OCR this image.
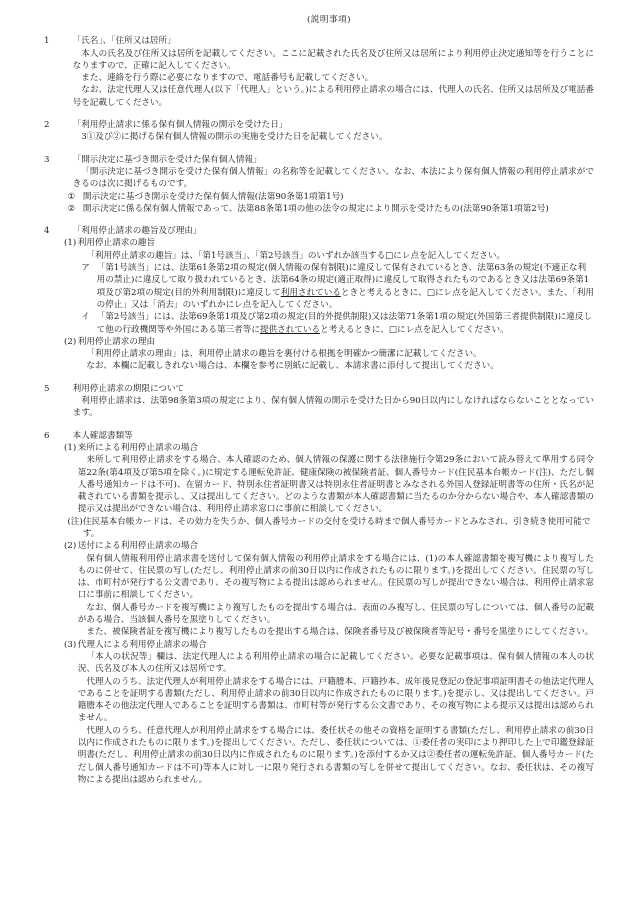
(説明事項)
1	「氏名」、「住所又は居所」

本人の氏名及び住所又は居所を記載してください。ここに記載された氏名及び住所又は居所により利用停止決定通知等を行うことになりますので、正確に記入してください。

また、連絡を行う際に必要になりますので、電話番号も記載してください。

なお、法定代理人又は任意代理人(以下「代理人」という。)による利用停止請求の場合には、代理人の氏名、住所又は居所及び電話番号を記載してください。

2	「利用停止請求に係る保有個人情報の開示を受けた日」

3①及び②に掲げる保有個人情報の開示の実施を受けた日を記載してください。

3	「開示決定に基づき開示を受けた保有個人情報」

「開示決定に基づき開示を受けた保有個人情報」の名称等を記載してください。なお、本法により保有個人情報の利用停止請求ができるのは次に掲げるものです。

① 開示決定に基づき開示を受けた保有個人情報(法第90条第1項第1号)
② 開示決定に係る保有個人情報であって、法第88条第1項の他の法令の規定により開示を受けたもの(法第90条第1項第2号)
4	「利用停止請求の趣旨及び理由」
(1) 利用停止請求の趣旨

「利用停止請求の趣旨」は、「第1号該当」、「第2号該当」のいずれか該当する□にレ点を記入してください。

ア 「第1号該当」には、法第61条第2項の規定(個人情報の保有制限)に違反して保有されているとき、法第63条の規定(不適正な利用の禁止)に違反して取り扱われているとき、法第64条の規定(適正取得)に違反して取得されたものであるとき又は法第69条第1項及び第2項の規定(目的外利用制限)に違反して利用されているときと考えるときに、□にレ点を記入してください。また、「利用の停止」又は「消去」のいずれかにレ点を記入してください。
イ 「第2号該当」には、法第69条第1項及び第2項の規定(目的外提供制限)又は法第71条第1項の規定(外国第三者提供制限)に違反して他の行政機関等や外国にある第三者等に提供されていると考えるときに、□にレ点を記入してください。
(2) 利用停止請求の理由

「利用停止請求の理由」は、利用停止請求の趣旨を裏付ける根拠を明確かつ簡潔に記載してください。

なお、本欄に記載しきれない場合は、本欄を参考に別紙に記載し、本請求書に添付して提出してください。

5	利用停止請求の期限について

利用停止請求は、法第98条第3項の規定により、保有個人情報の開示を受けた日から90日以内にしなければならないこととなっています。

6	本人確認書類等
(1) 来所による利用停止請求の場合

来所して利用停止請求をする場合、本人確認のため、個人情報の保護に関する法律施行令第29条において読み替えて準用する同令第22条(第4項及び第5項を除く。)に規定する運転免許証、健康保険の被保険者証、個人番号カード(住民基本台帳カード(注)、ただし個人番号通知カードは不可)、在留カード、特別永住者証明書又は特別永住者証明書とみなされる外国人登録証明書等の住所・氏名が記載されている書類を提示し、又は提出してください。どのような書類が本人確認書類に当たるのか分からない場合や、本人確認書類の提示又は提出ができない場合は、利用停止請求窓口に事前に相談してください。

(注) 住民基本台帳カードは、その効力を失うか、個人番号カードの交付を受ける時まで個人番号カードとみなされ、引き続き使用可能です。
(2) 送付による利用停止請求の場合

保有個人情報利用停止請求書を送付して保有個人情報の利用停止請求をする場合には、(1)の本人確認書類を複写機により複写したものに併せて、住民票の写し(ただし、利用停止請求の前30日以内に作成されたものに限ります。)を提出してください。住民票の写しは、市町村が発行する公文書であり、その複写物による提出は認められません。住民票の写しが提出できない場合は、利用停止請求窓口に事前に相談してください。

なお、個人番号カードを複写機により複写したものを提出する場合は、表面のみ複写し、住民票の写しについては、個人番号の記載がある場合、当該個人番号を黒塗りしてください。

また、被保険者証を複写機により複写したものを提出する場合は、保険者番号及び被保険者等記号・番号を黒塗りにしてください。

(3) 代理人による利用停止請求の場合

「本人の状況等」欄は、法定代理人による利用停止請求の場合に記載してください。必要な記載事項は、保有個人情報の本人の状況、氏名及び本人の住所又は居所です。

代理人のうち、法定代理人が利用停止請求をする場合には、戸籍謄本、戸籍抄本、成年後見登記の登記事項証明書その他法定代理人であることを証明する書類(ただし、利用停止請求の前30日以内に作成されたものに限ります。)を提示し、又は提出してください。戸籍謄本その他法定代理人であることを証明する書類は、市町村等が発行する公文書であり、その複写物による提示又は提出は認められません。

代理人のうち、任意代理人が利用停止請求をする場合には、委任状その他その資格を証明する書類(ただし、利用停止請求の前30日以内に作成されたものに限ります。)を提出してください。ただし、委任状については、①委任者の実印により押印した上で印鑑登録証明書(ただし、利用停止請求の前30日以内に作成されたものに限ります。)を添付するか又は②委任者の運転免許証、個人番号カード(ただし個人番号通知カードは不可)等本人に対し一に限り発行される書類の写しを併せて提出してください。なお、委任状は、その複写物による提出は認められません。
